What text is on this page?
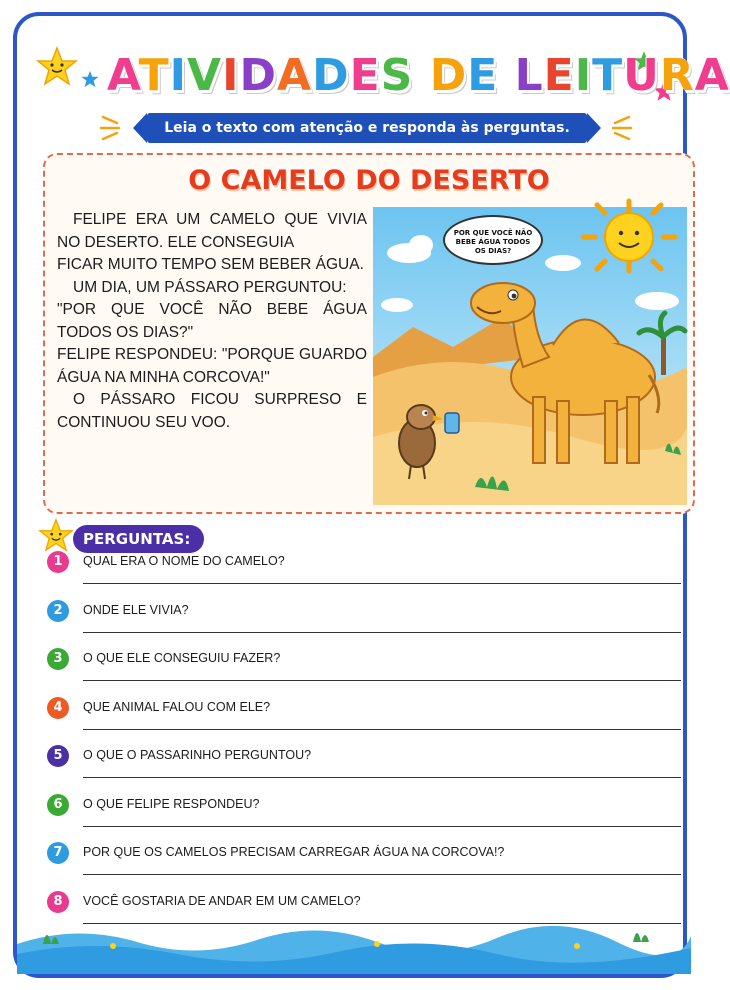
ATIVIDADES DE LEITURA
Leia o texto com atenção e responda às perguntas.
O CAMELO DO DESERTO

FELIPE ERA UM CAMELO QUE VIVIA NO DESERTO. ELE CONSEGUIA

FICAR MUITO TEMPO SEM BEBER ÁGUA.

UM DIA, UM PÁSSARO PERGUNTOU:

"POR QUE VOCÊ NÃO BEBE ÁGUA TODOS OS DIAS?"

FELIPE RESPONDEU: "PORQUE GUARDO ÁGUA NA MINHA CORCOVA!"

O PÁSSARO FICOU SURPRESO E CONTINUOU SEU VOO.

POR QUE VOCÊ NÃO BEBE ÁGUA TODOS OS DIAS?
PERGUNTAS:
1	QUAL ERA O NOME DO CAMELO?
2	ONDE ELE VIVIA?
3	O QUE ELE CONSEGUIU FAZER?
4	QUE ANIMAL FALOU COM ELE?
5	O QUE O PASSARINHO PERGUNTOU?
6	O QUE FELIPE RESPONDEU?
7	POR QUE OS CAMELOS PRECISAM CARREGAR ÁGUA NA CORCOVA!?
8	VOCÊ GOSTARIA DE ANDAR EM UM CAMELO?
